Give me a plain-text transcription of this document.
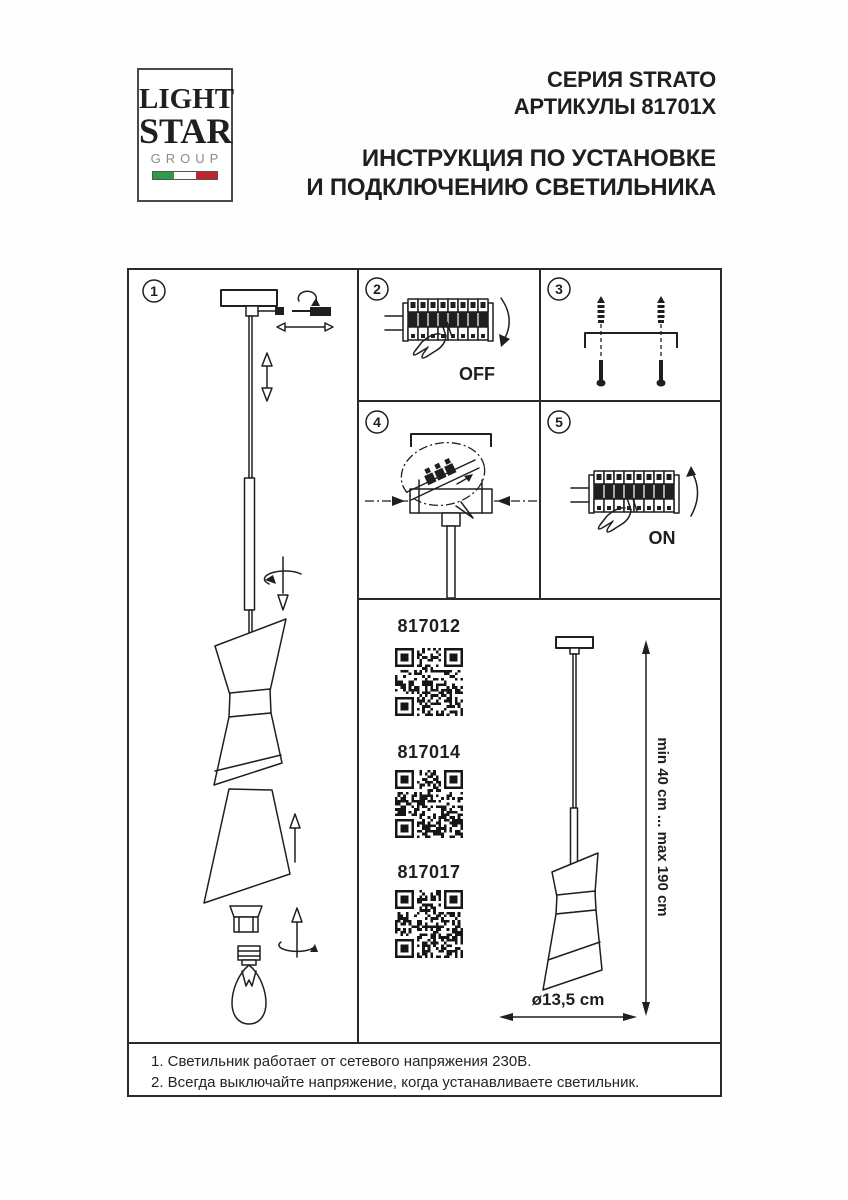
LIGHT
STAR
GROUP
СЕРИЯ STRATO
АРТИКУЛЫ 81701X
ИНСТРУКЦИЯ ПО УСТАНОВКЕ
И ПОДКЛЮЧЕНИЮ СВЕТИЛЬНИКА
1	2
OFF
3
4	5
ON
min 40 cm ... max 190 cm
ø13,5 cm
817012
817014
817017

1. Светильник работает от сетевого напряжения 230В.

2. Всегда выключайте напряжение, когда устанавливаете светильник.
